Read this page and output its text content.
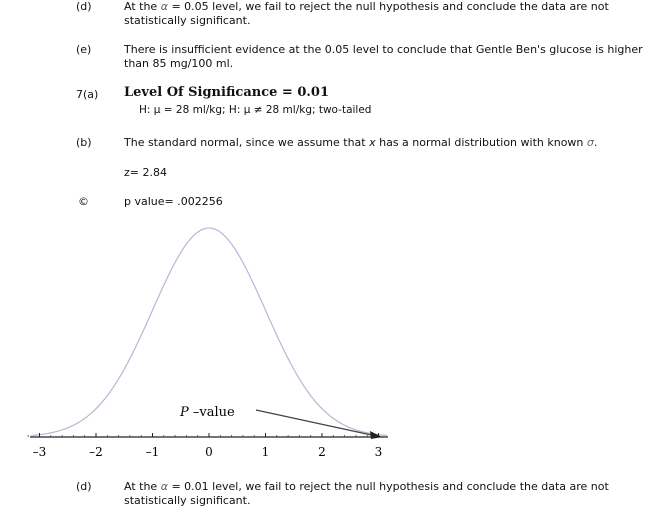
(d)	At the α = 0.05 level, we fail to reject the null hypothesis and conclude the data are not
statistically significant.
(e)	There is insufficient evidence at the 0.05 level to conclude that Gentle Ben's glucose is higher
than 85 mg/100 ml.
7(a) Level Of Significance = 0.01
H: μ = 28 ml/kg; H: μ ≠ 28 ml/kg; two-tailed
(b)	The standard normal, since we assume that x has a normal distribution with known σ.
z= 2.84
©	p value= .002256
–3	–2	–1	0	1	2	3
P –value
(d)	At the α = 0.01 level, we fail to reject the null hypothesis and conclude the data are not
statistically significant.
